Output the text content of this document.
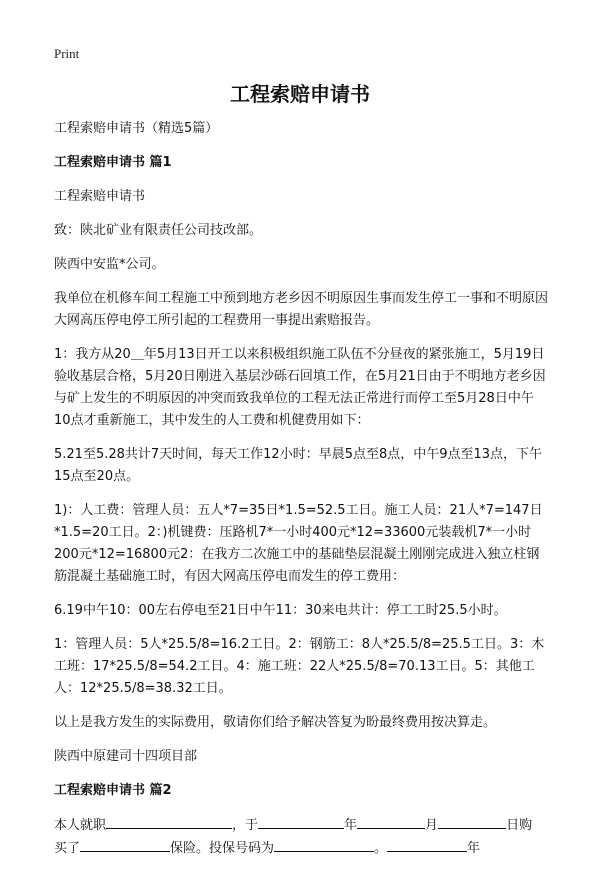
Print
工程索赔申请书

工程索赔申请书（精选5篇）

工程索赔申请书 篇1

工程索赔申请书

致：陕北矿业有限责任公司技改部。

陕西中安监*公司。

我单位在机修车间工程施工中预到地方老乡因不明原因生事而发生停工一事和不明原因大网高压停电停工所引起的工程费用一事提出索赔报告。

1：我方从20＿年5月13日开工以来积极组织施工队伍不分昼夜的紧张施工，5月19日验收基层合格，5月20日刚进入基层沙砾石回填工作，在5月21日由于不明地方老乡因与矿上发生的不明原因的冲突而致我单位的工程无法正常进行而停工至5月28日中午10点才重新施工，其中发生的人工费和机健费用如下：

5.21至5.28共计7天时间，每天工作12小时：早晨5点至8点，中午9点至13点，下午15点至20点。

1)：人工费：管理人员：五人*7=35日*1.5=52.5工日。施工人员：21人*7=147日*1.5=20工日。2：)机键费：压路机7*一小时400元*12=33600元装载机7*一小时200元*12=16800元2：在我方二次施工中的基础垫层混凝土刚刚完成进入独立柱钢筋混凝土基础施工时，有因大网高压停电而发生的停工费用：

6.19中午10：00左右停电至21日中午11：30来电共计：停工工时25.5小时。

1：管理人员：5人*25.5/8=16.2工日。2：钢筋工：8人*25.5/8=25.5工日。3：木工班：17*25.5/8=54.2工日。4：施工班：22人*25.5/8=70.13工日。5：其他工人：12*25.5/8=38.32工日。

以上是我方发生的实际费用，敬请你们给予解决答复为盼最终费用按决算走。

陕西中原建司十四项目部

工程索赔申请书 篇2

本人就职	，于	年	月	日购
买了	保险。投保号码为	。	年
